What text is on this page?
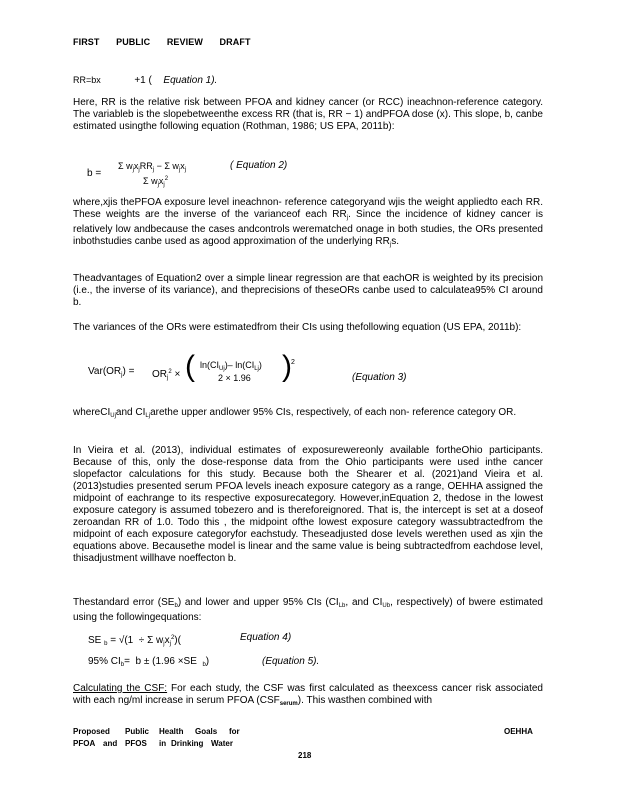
FIRST PUBLIC REVIEW DRAFT
RR=bx	+1 ( Equation 1).
Here, RR is the relative risk between PFOA and kidney cancer (or RCC) ineachnon-reference category. The variableb is the slopebetweenthe excess RR (that is, RR − 1) andPFOA dose (x). This slope, b, canbe estimated usingthe following equation (Rothman, 1986; US EPA, 2011b):
b =
Σ $w_jx_jRR_j - \Sigma$ $w_jx_j$
Σ $w_jx_j^2$
( Equation 2)
where,xjis thePFOA exposure level ineachnon- reference categoryand wjis the weight appliedto each RR. These weights are the inverse of the varianceof each $RR_j$. Since the incidence of kidney cancer is relatively low andbecause the cases andcontrols werematched onage in both studies, the ORs presented inbothstudies canbe used as agood approximation of the underlying $RR_js$.
Theadvantages of Equation2 over a simple linear regression are that eachOR is weighted by its precision (i.e., the inverse of its variance), and theprecisions of theseORs canbe used to calculatea95% CI around b.
The variances of the ORs were estimatedfrom their CIs using thefollowing equation (US EPA, 2011b):
$Var(OR_j) = OR_j^2$ × ( $\ln(CI_{Uj})-$ $\ln(CI_{Lj})$
2 × 1.96 ) 2
(Equation 3)
whereCI$_{Uj}$and $CI_{Lj}arethe$ upper andlower 95% CIs, respectively, of each non- reference category OR.
In Vieira et al. (2013), individual estimates of exposurewereonly available fortheOhio participants. Because of this, only the dose-response data from the Ohio participants were used inthe cancer slopefactor calculations for this study. Because both the Shearer et al. (2021)and Vieira et al. (2013)studies presented serum PFOA levels ineach exposure category as a range, OEHHA assigned the midpoint of eachrange to its respective exposurecategory. However,inEquation 2, thedose in the lowest exposure category is assumed tobezero and is thereforeignored. That is, the intercept is set at a doseof zeroandan RR of 1.0. Todo this , the midpoint ofthe lowest exposure category wassubtractedfrom the midpoint of each exposure categoryfor eachstudy. Theseadjusted dose levels werethen used as xjin the equations above. Becausethe model is linear and the same value is being subtractedfrom eachdose level, thisadjustment willhave noeffecton b.
Thestandard error $(SE_b)$ and lower and upper 95% CIs ($CI_{Lb}$, and $CI_{Ub}$, respectively) of bwere estimated using the followingequations:
SE $_b$ = √(1  ÷ Σ $w_jx_j^2$)(	Equation 4)
95% $CI_b= b \pm (1.96 \times SE$  $_b$)	(Equation 5).
Calculating the CSF: For each study, the CSF was first calculated as theexcess cancer risk associated with each ng/ml increase in serum PFOA $(CSF_{serum})$. This wasthen combined with
Proposed Public Health Goals for
PFOA and PFOS in Drinking Water
OEHHA
218
